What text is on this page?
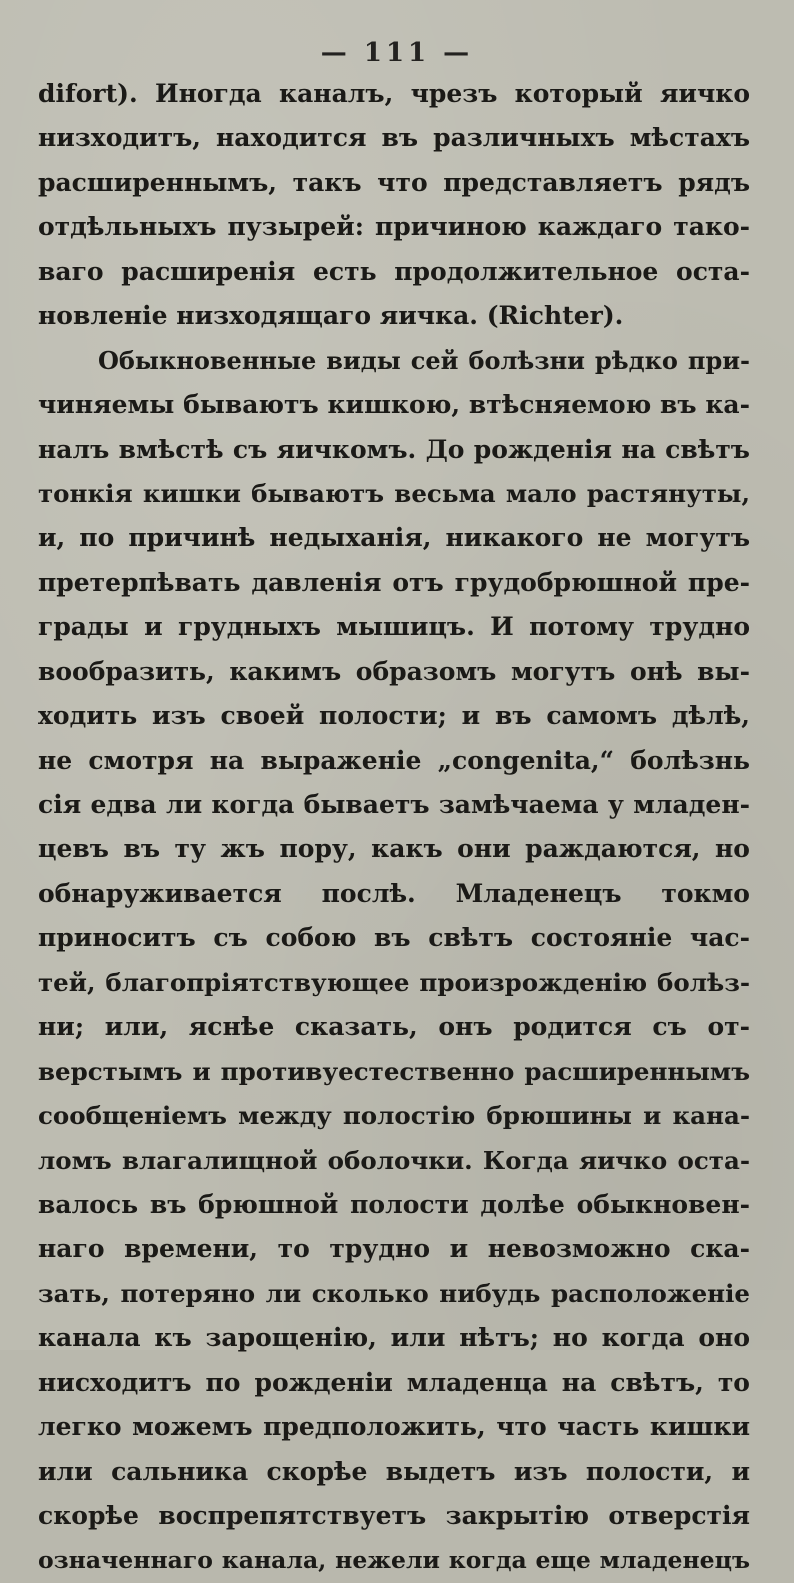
— 111 —
difort). Иногда каналъ, чрезъ который яичко
низходитъ, находится въ различныхъ мѣстахъ
расширеннымъ, такъ что представляетъ рядъ
отдѣльныхъ пузырей: причиною каждаго тако-
ваго расширенія есть продолжительное оста-
новленіе низходящаго яичка. (Richter).
Обыкновенные виды сей болѣзни рѣдко при-
чиняемы бываютъ кишкою, втѣсняемою въ ка-
налъ вмѣстѣ съ яичкомъ. До рожденія на свѣтъ
тонкія кишки бываютъ весьма мало растянуты,
и, по причинѣ недыханія, никакого не могутъ
претерпѣвать давленія отъ грудобрюшной пре-
грады и грудныхъ мышицъ. И потому трудно
вообразить, какимъ образомъ могутъ онѣ вы-
ходить изъ своей полости; и въ самомъ дѣлѣ,
не смотря на выраженіе „congenita,“ болѣзнь
сія едва ли когда бываетъ замѣчаема у младен-
цевъ въ ту жъ пору, какъ они раждаются, но
обнаруживается послѣ. Младенецъ токмо
приноситъ съ собою въ свѣтъ состояніе час-
тей, благопріятствующее произрожденію болѣз-
ни; или, яснѣе сказать, онъ родится съ от-
верстымъ и противуестественно расширеннымъ
сообщеніемъ между полостію брюшины и кана-
ломъ влагалищной оболочки. Когда яичко оста-
валось въ брюшной полости долѣе обыкновен-
наго времени, то трудно и невозможно ска-
зать, потеряно ли сколько нибудь расположеніе
канала къ зарощенію, или нѣтъ; но когда оно
нисходитъ по рожденіи младенца на свѣтъ, то
легко можемъ предположить, что часть кишки
или сальника скорѣе выдетъ изъ полости, и
скорѣе воспрепятствуетъ закрытію отверстія
означеннаго канала, нежели когда еще младенецъ
